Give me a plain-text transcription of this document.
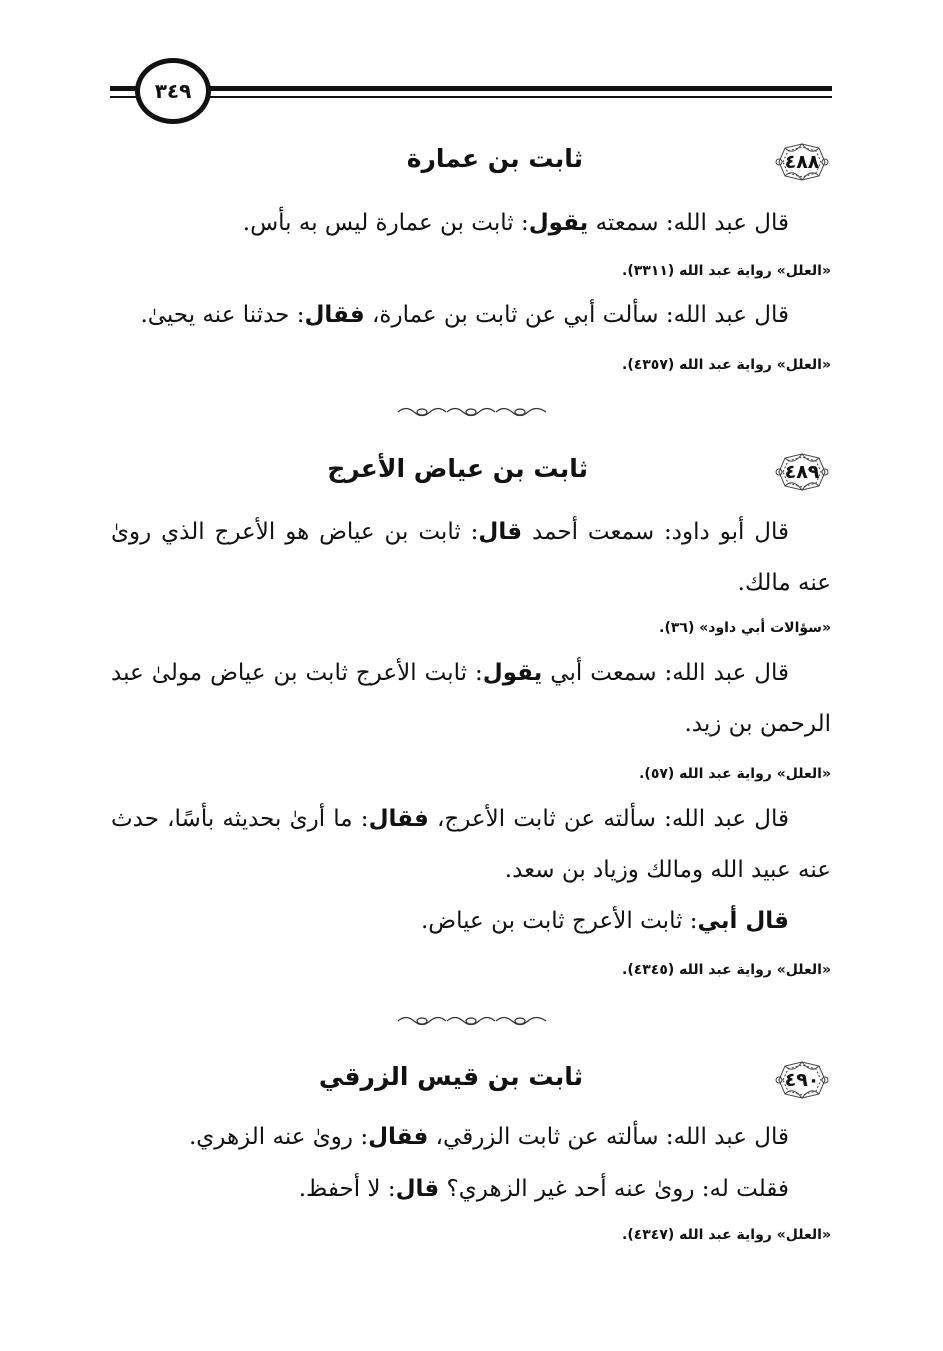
٣٤٩
٤٨٨
ثابت بن عمارة
قال عبد الله: سمعته يقول: ثابت بن عمارة ليس به بأس.
«العلل» رواية عبد الله (٣٣١١).
قال عبد الله: سألت أبي عن ثابت بن عمارة، فقال: حدثنا عنه يحيىٰ.
«العلل» رواية عبد الله (٤٣٥٧).
٤٨٩
ثابت بن عياض الأعرج
قال أبو داود: سمعت أحمد قال: ثابت بن عياض هو الأعرج الذي روىٰ عنه مالك.
«سؤالات أبي داود» (٣٦).
قال عبد الله: سمعت أبي يقول: ثابت الأعرج ثابت بن عياض مولىٰ عبد الرحمن بن زيد.
«العلل» رواية عبد الله (٥٧).
قال عبد الله: سألته عن ثابت الأعرج، فقال: ما أرىٰ بحديثه بأسًا، حدث عنه عبيد الله ومالك وزياد بن سعد.
قال أبي: ثابت الأعرج ثابت بن عياض.
«العلل» رواية عبد الله (٤٣٤٥).
٤٩٠
ثابت بن قيس الزرقي
قال عبد الله: سألته عن ثابت الزرقي، فقال: روىٰ عنه الزهري.
فقلت له: روىٰ عنه أحد غير الزهري؟ قال: لا أحفظ.
«العلل» رواية عبد الله (٤٣٤٧).
